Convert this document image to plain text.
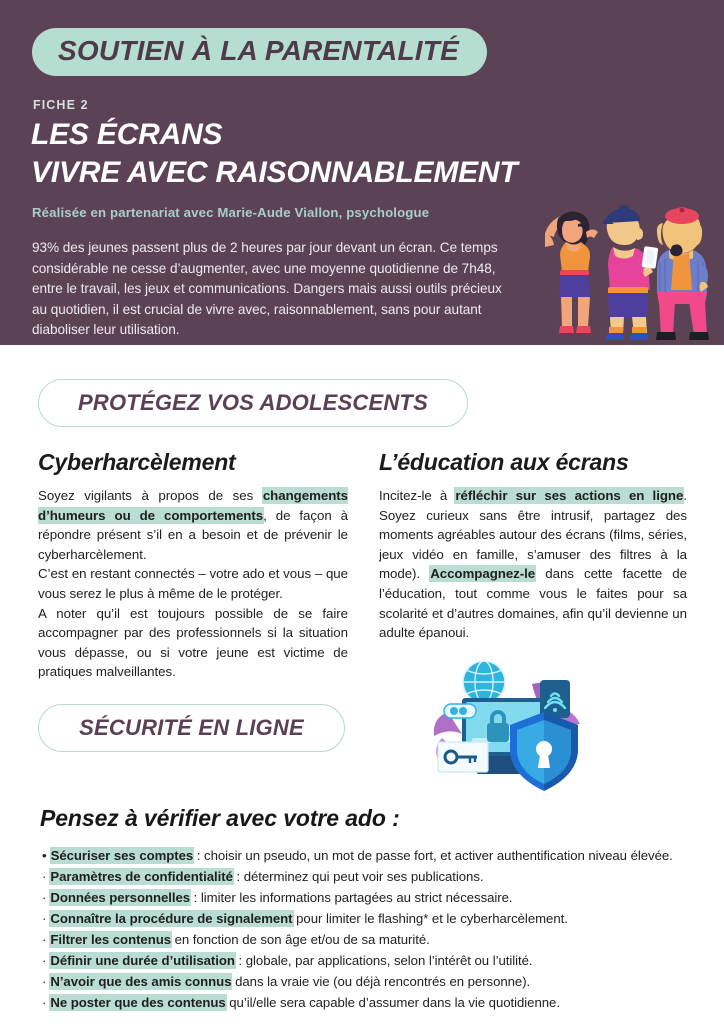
SOUTIEN À LA PARENTALITÉ
FICHE 2
LES ÉCRANS
VIVRE AVEC RAISONNABLEMENT
Réalisée en partenariat avec Marie-Aude Viallon, psychologue
93% des jeunes passent plus de 2 heures par jour devant un écran. Ce temps considérable ne cesse d’augmenter, avec une moyenne quotidienne de 7h48, entre le travail, les jeux et communications. Dangers mais aussi outils précieux au quotidien, il est crucial de vivre avec, raisonnablement, sans pour autant diaboliser leur utilisation.
PROTÉGEZ VOS ADOLESCENTS
Cyberharcèlement
Soyez vigilants à propos de ses changements d’humeurs ou de comportements, de façon à répondre présent s’il en a besoin et de prévenir le cyberharcèlement.
C’est en restant connectés – votre ado et vous – que vous serez le plus à même de le protéger.
A noter qu’il est toujours possible de se faire accompagner par des professionnels si la situation vous dépasse, ou si votre jeune est victime de pratiques malveillantes.
L’éducation aux écrans
Incitez-le à réfléchir sur ses actions en ligne. Soyez curieux sans être intrusif, partagez des moments agréables autour des écrans (films, séries, jeux vidéo en famille, s’amuser des filtres à la mode). Accompagnez-le dans cette facette de l’éducation, tout comme vous le faites pour sa scolarité et d’autres domaines, afin qu’il devienne un adulte épanoui.
SÉCURITÉ EN LIGNE
Pensez à vérifier avec votre ado :
• Sécuriser ses comptes : choisir un pseudo, un mot de passe fort, et activer authentification niveau élevée.
· Paramètres de confidentialité : déterminez qui peut voir ses publications.
· Données personnelles : limiter les informations partagées au strict nécessaire.
· Connaître la procédure de signalement pour limiter le flashing* et le cyberharcèlement.
· Filtrer les contenus en fonction de son âge et/ou de sa maturité.
· Définir une durée d’utilisation : globale, par applications, selon l’intérêt ou l’utilité.
· N’avoir que des amis connus dans la vraie vie (ou déjà rencontrés en personne).
· Ne poster que des contenus qu’il/elle sera capable d’assumer dans la vie quotidienne.
